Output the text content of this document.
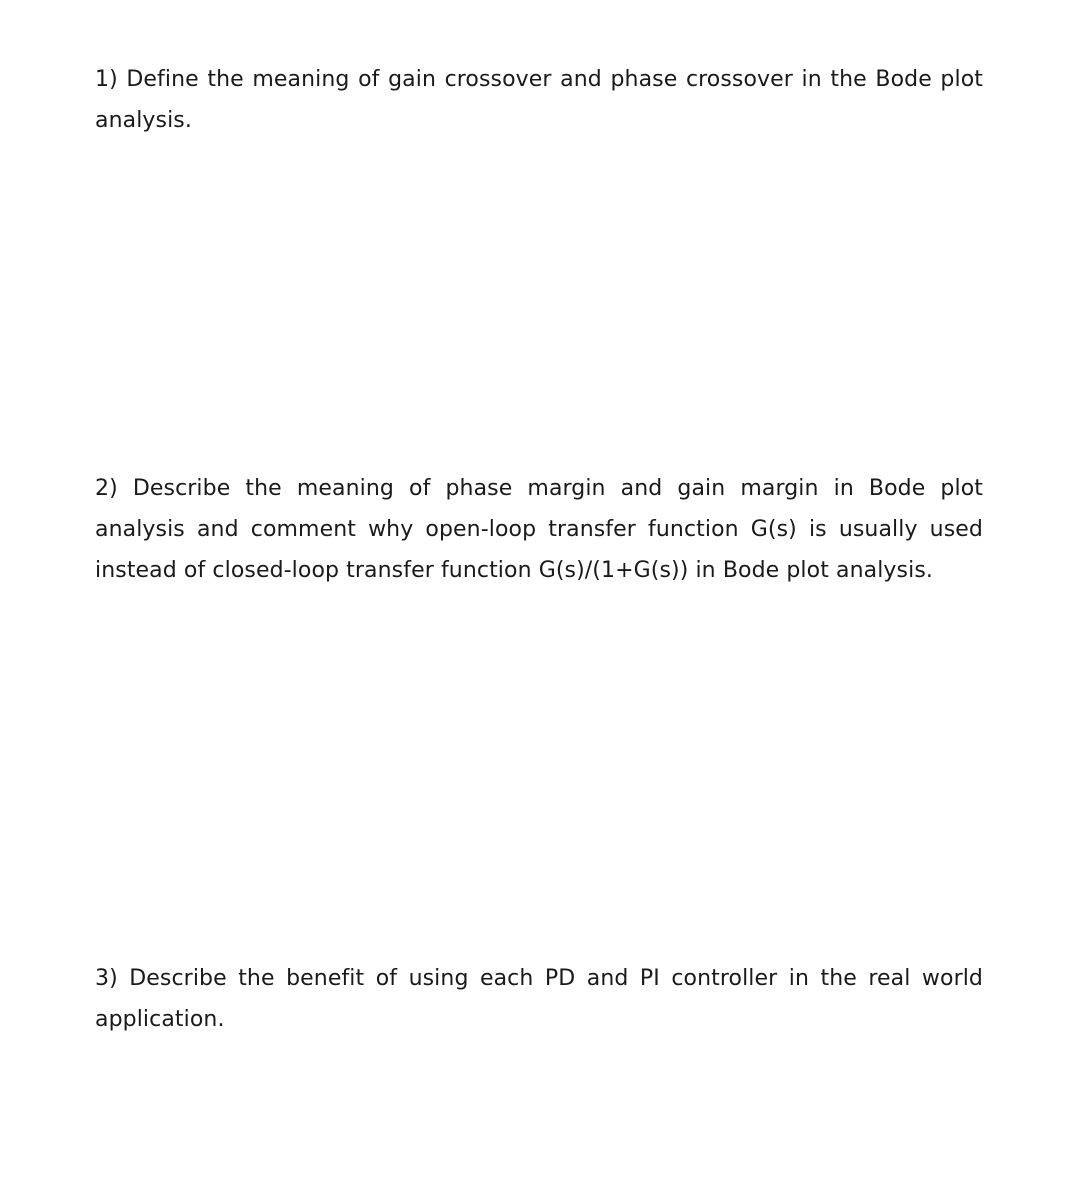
1) Define the meaning of gain crossover and phase crossover in the Bode plot analysis.

2) Describe the meaning of phase margin and gain margin in Bode plot analysis and comment why open-loop transfer function G(s) is usually used instead of closed-loop transfer function G(s)/(1+G(s)) in Bode plot analysis.

3) Describe the benefit of using each PD and PI controller in the real world application.
